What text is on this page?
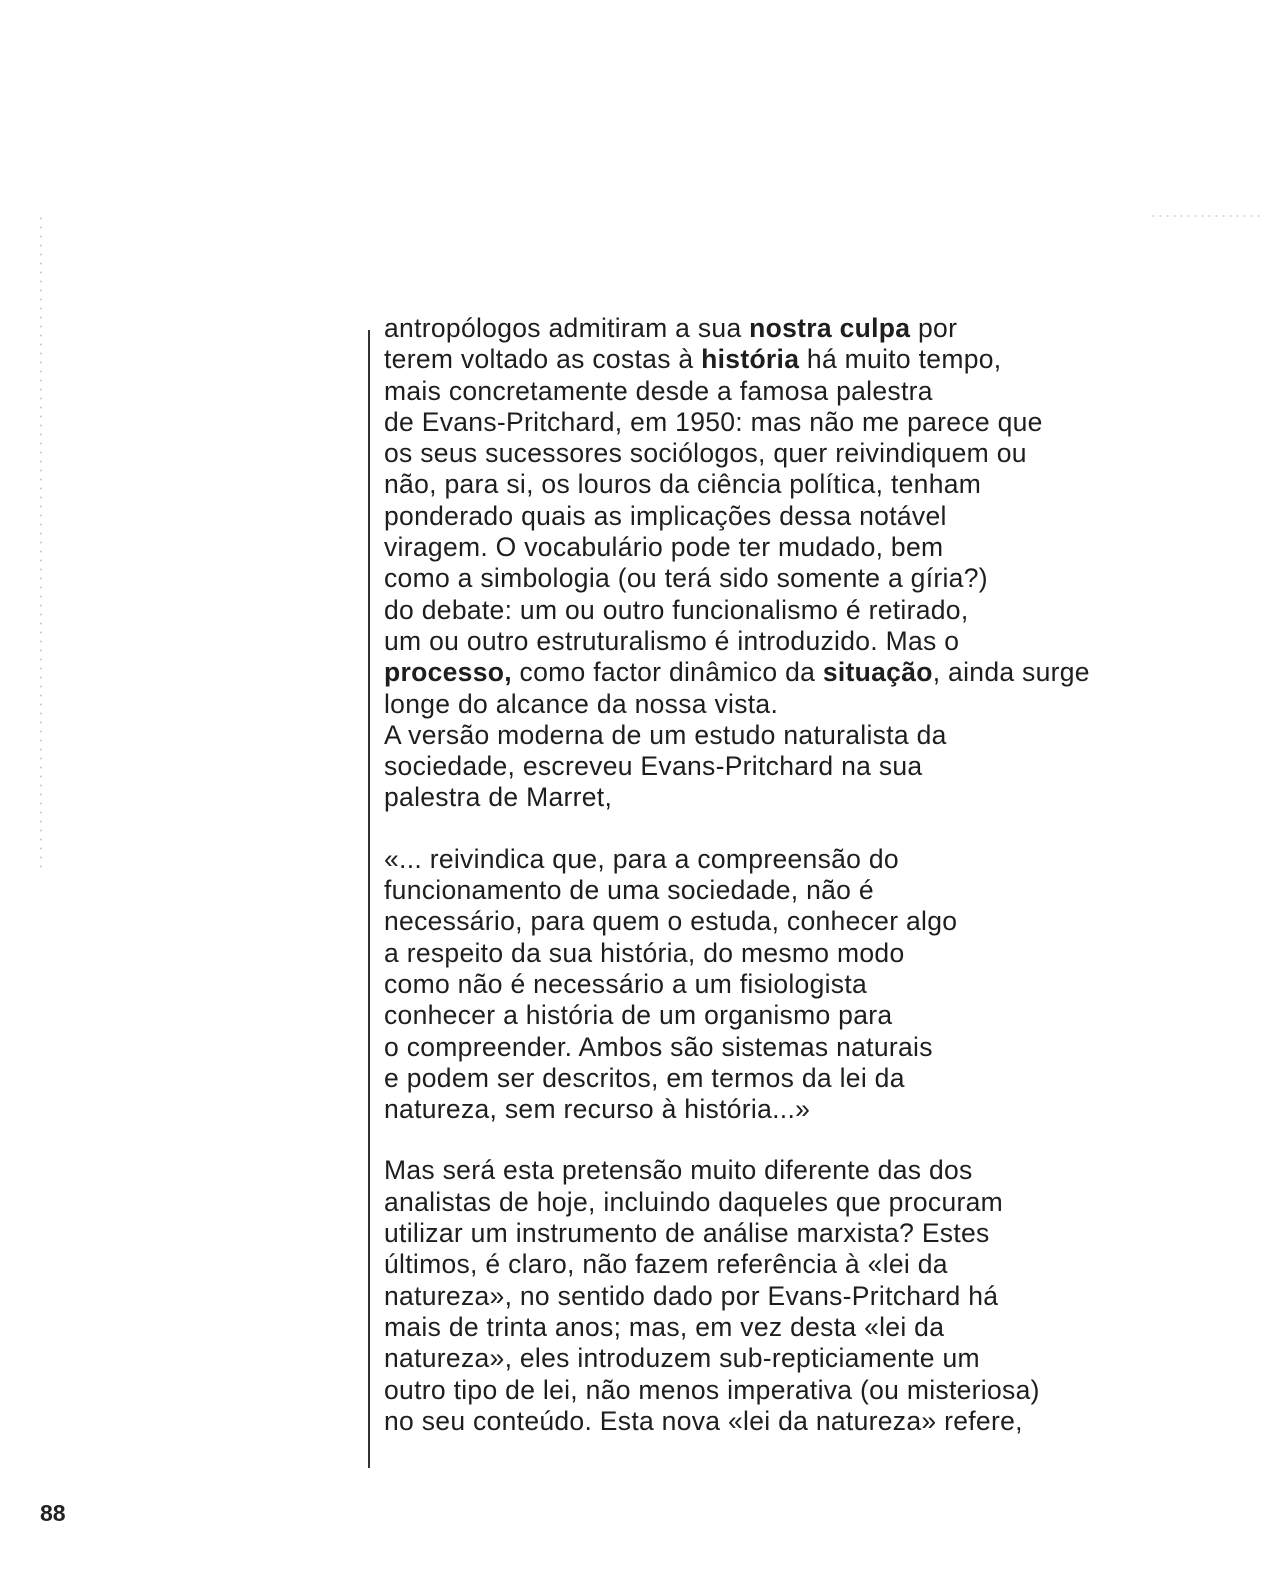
antropólogos admitiram a sua nostra culpa por
terem voltado as costas à história há muito tempo,
mais concretamente desde a famosa palestra
de Evans-Pritchard, em 1950: mas não me parece que
os seus sucessores sociólogos, quer reivindiquem ou
não, para si, os louros da ciência política, tenham
ponderado quais as implicações dessa notável
viragem. O vocabulário pode ter mudado, bem
como a simbologia (ou terá sido somente a gíria?)
do debate: um ou outro funcionalismo é retirado,
um ou outro estruturalismo é introduzido. Mas o
processo, como factor dinâmico da situação, ainda surge
longe do alcance da nossa vista.
A versão moderna de um estudo naturalista da
sociedade, escreveu Evans-Pritchard na sua
palestra de Marret,
«... reivindica que, para a compreensão do
funcionamento de uma sociedade, não é
necessário, para quem o estuda, conhecer algo
a respeito da sua história, do mesmo modo
como não é necessário a um fisiologista
conhecer a história de um organismo para
o compreender. Ambos são sistemas naturais
e podem ser descritos, em termos da lei da
natureza, sem recurso à história...»
Mas será esta pretensão muito diferente das dos
analistas de hoje, incluindo daqueles que procuram
utilizar um instrumento de análise marxista? Estes
últimos, é claro, não fazem referência à «lei da
natureza», no sentido dado por Evans-Pritchard há
mais de trinta anos; mas, em vez desta «lei da
natureza», eles introduzem sub-repticiamente um
outro tipo de lei, não menos imperativa (ou misteriosa)
no seu conteúdo. Esta nova «lei da natureza» refere,
88
